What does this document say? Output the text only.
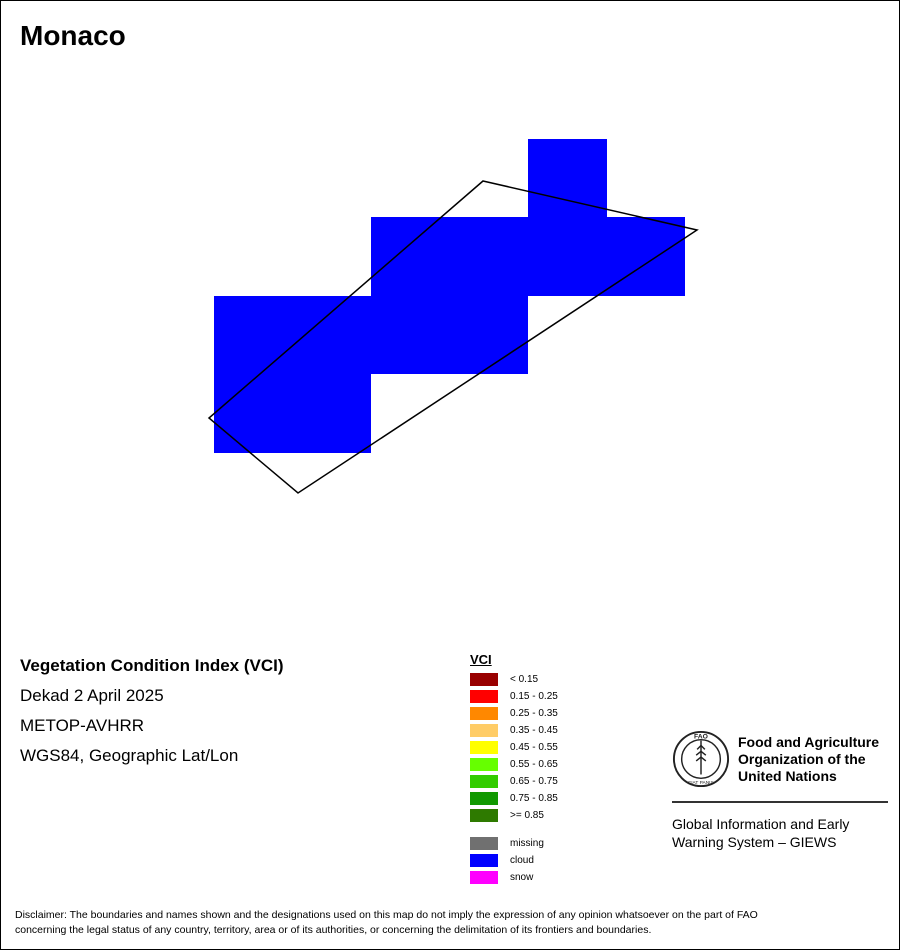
Monaco
Vegetation Condition Index (VCI)
Dekad 2 April 2025
METOP-AVHRR
WGS84, Geographic Lat/Lon
VCI
< 0.15
0.15 - 0.25
0.25 - 0.35
0.35 - 0.45
0.45 - 0.55
0.55 - 0.65
0.65 - 0.75
0.75 - 0.85
>= 0.85
missing
cloud
snow
FAO
FIAT PANIS
Food and Agriculture
Organization of the
United Nations
Global Information and Early
Warning System – GIEWS
Disclaimer: The boundaries and names shown and the designations used on this map do not imply the expression of any opinion whatsoever on the part of FAO
concerning the legal status of any country, territory, area or of its authorities, or concerning the delimitation of its frontiers and boundaries.
